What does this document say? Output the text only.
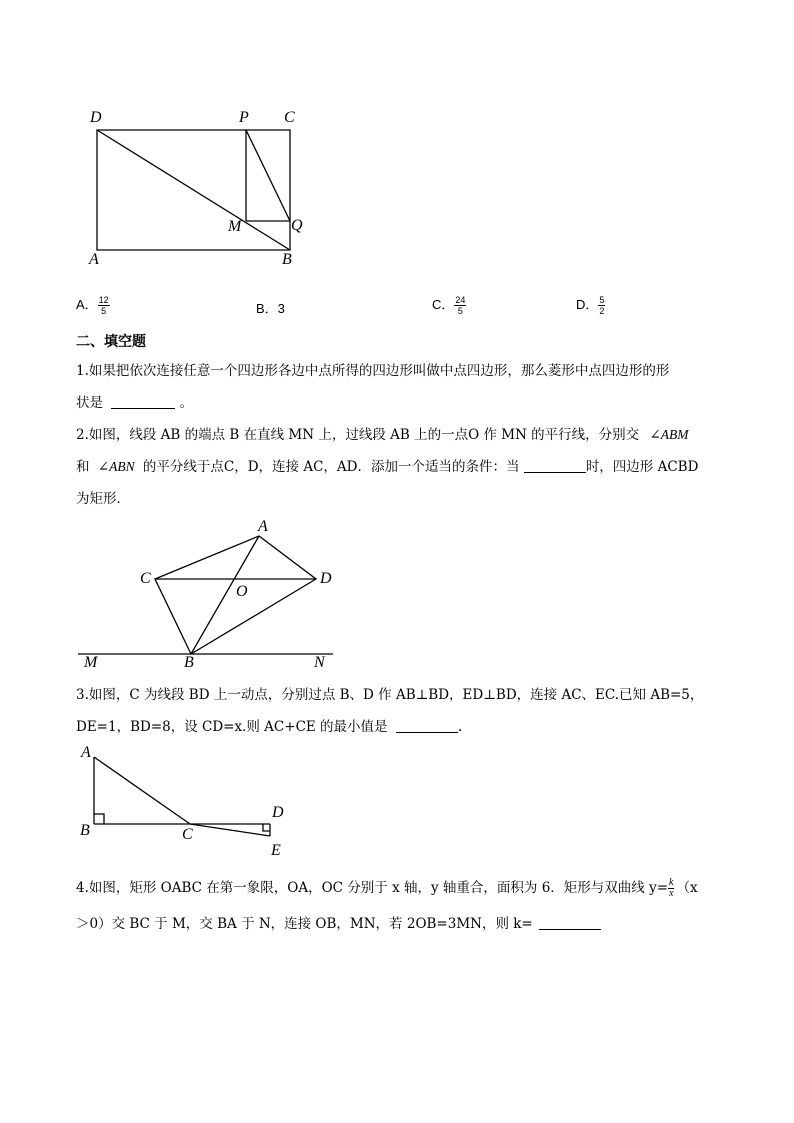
D	P C
M	Q
A	B
A． $\frac{12}{5}$	B．3	C． $\frac{24}{5}$	D． $\frac{5}{2}$
二、填空题
1.如果把依次连接任意一个四边形各边中点所得的四边形叫做中点四边形，那么菱形中点四边形的形
状是	。
2.如图，线段 AB 的端点 B 在直线 MN 上，过线段 AB 上的一点O 作 MN 的平行线，分别交 ∠ABM
和 ∠ABN 的平分线于点C，D，连接 AC，AD．添加一个适当的条件：当	时，四边形 ACBD
为矩形．
A
C
O
D
M	B	N
3.如图，C 为线段 BD 上一动点，分别过点 B、D 作 AB⊥BD，ED⊥BD，连接 AC、EC.已知 AB=5，
DE=1，BD=8，设 CD=x.则 AC+CE 的最小值是	.
A
B	C
D
E
4.如图，矩形 OABC 在第一象限，OA，OC 分别于 x 轴，y 轴重合，面积为 6．矩形与双曲线 $y= \frac{k}{x} (x$
＞0）交 BC 于 M，交 BA 于 N，连接 OB，MN，若 2OB=3MN，则 k=
